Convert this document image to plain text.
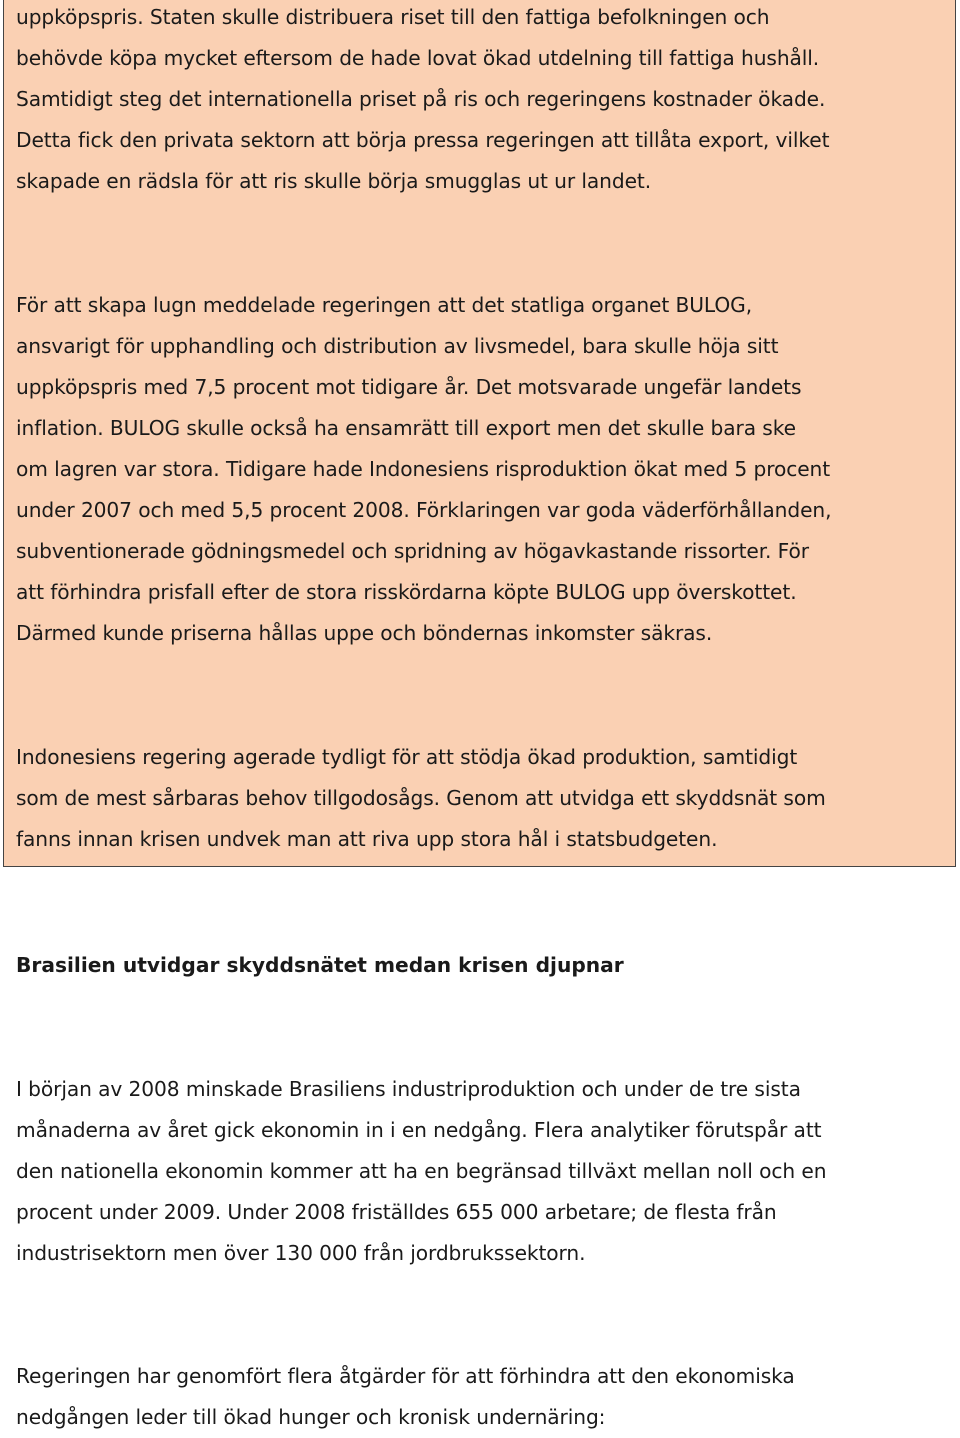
uppköpspris. Staten skulle distribuera riset till den fattiga befolkningen och
behövde köpa mycket eftersom de hade lovat ökad utdelning till fattiga hushåll.
Samtidigt steg det internationella priset på ris och regeringens kostnader ökade.
Detta fick den privata sektorn att börja pressa regeringen att tillåta export, vilket
skapade en rädsla för att ris skulle börja smugglas ut ur landet.

För att skapa lugn meddelade regeringen att det statliga organet BULOG,
ansvarigt för upphandling och distribution av livsmedel, bara skulle höja sitt
uppköpspris med 7,5 procent mot tidigare år. Det motsvarade ungefär landets
inflation. BULOG skulle också ha ensamrätt till export men det skulle bara ske
om lagren var stora. Tidigare hade Indonesiens risproduktion ökat med 5 procent
under 2007 och med 5,5 procent 2008. Förklaringen var goda väderförhållanden,
subventionerade gödningsmedel och spridning av högavkastande rissorter. För
att förhindra prisfall efter de stora risskördarna köpte BULOG upp överskottet.
Därmed kunde priserna hållas uppe och böndernas inkomster säkras.

Indonesiens regering agerade tydligt för att stödja ökad produktion, samtidigt
som de mest sårbaras behov tillgodosågs. Genom att utvidga ett skyddsnät som
fanns innan krisen undvek man att riva upp stora hål i statsbudgeten.

Brasilien utvidgar skyddsnätet medan krisen djupnar

I början av 2008 minskade Brasiliens industriproduktion och under de tre sista
månaderna av året gick ekonomin in i en nedgång. Flera analytiker förutspår att
den nationella ekonomin kommer att ha en begränsad tillväxt mellan noll och en
procent under 2009. Under 2008 friställdes 655 000 arbetare; de flesta från
industrisektorn men över 130 000 från jordbrukssektorn.

Regeringen har genomfört flera åtgärder för att förhindra att den ekonomiska
nedgången leder till ökad hunger och kronisk undernäring:
